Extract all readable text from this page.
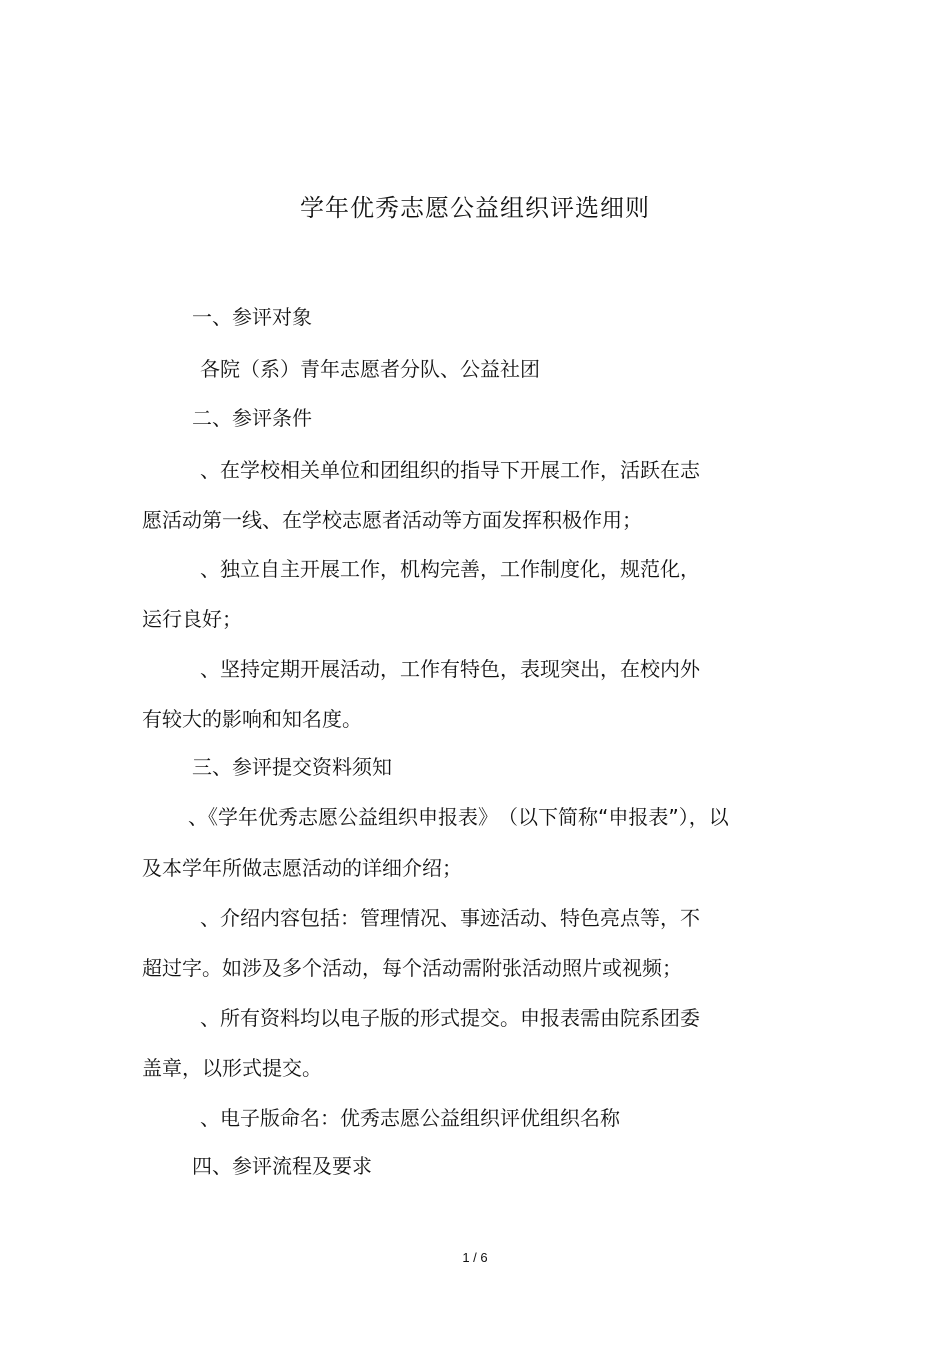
学年优秀志愿公益组织评选细则
一、参评对象
各院（系）青年志愿者分队、公益社团
二、参评条件
、在学校相关单位和团组织的指导下开展工作，活跃在志
愿活动第一线、在学校志愿者活动等方面发挥积极作用；
、独立自主开展工作，机构完善，工作制度化，规范化，
运行良好；
、坚持定期开展活动，工作有特色，表现突出，在校内外
有较大的影响和知名度。
三、参评提交资料须知
、《学年优秀志愿公益组织申报表》　（以下简称“申报表”），以
及本学年所做志愿活动的详细介绍；
、介绍内容包括：管理情况、事迹活动、特色亮点等，不
超过字。如涉及多个活动，每个活动需附张活动照片或视频；
、所有资料均以电子版的形式提交。申报表需由院系团委
盖章，以形式提交。
、电子版命名：优秀志愿公益组织评优组织名称
四、参评流程及要求
1 / 6
